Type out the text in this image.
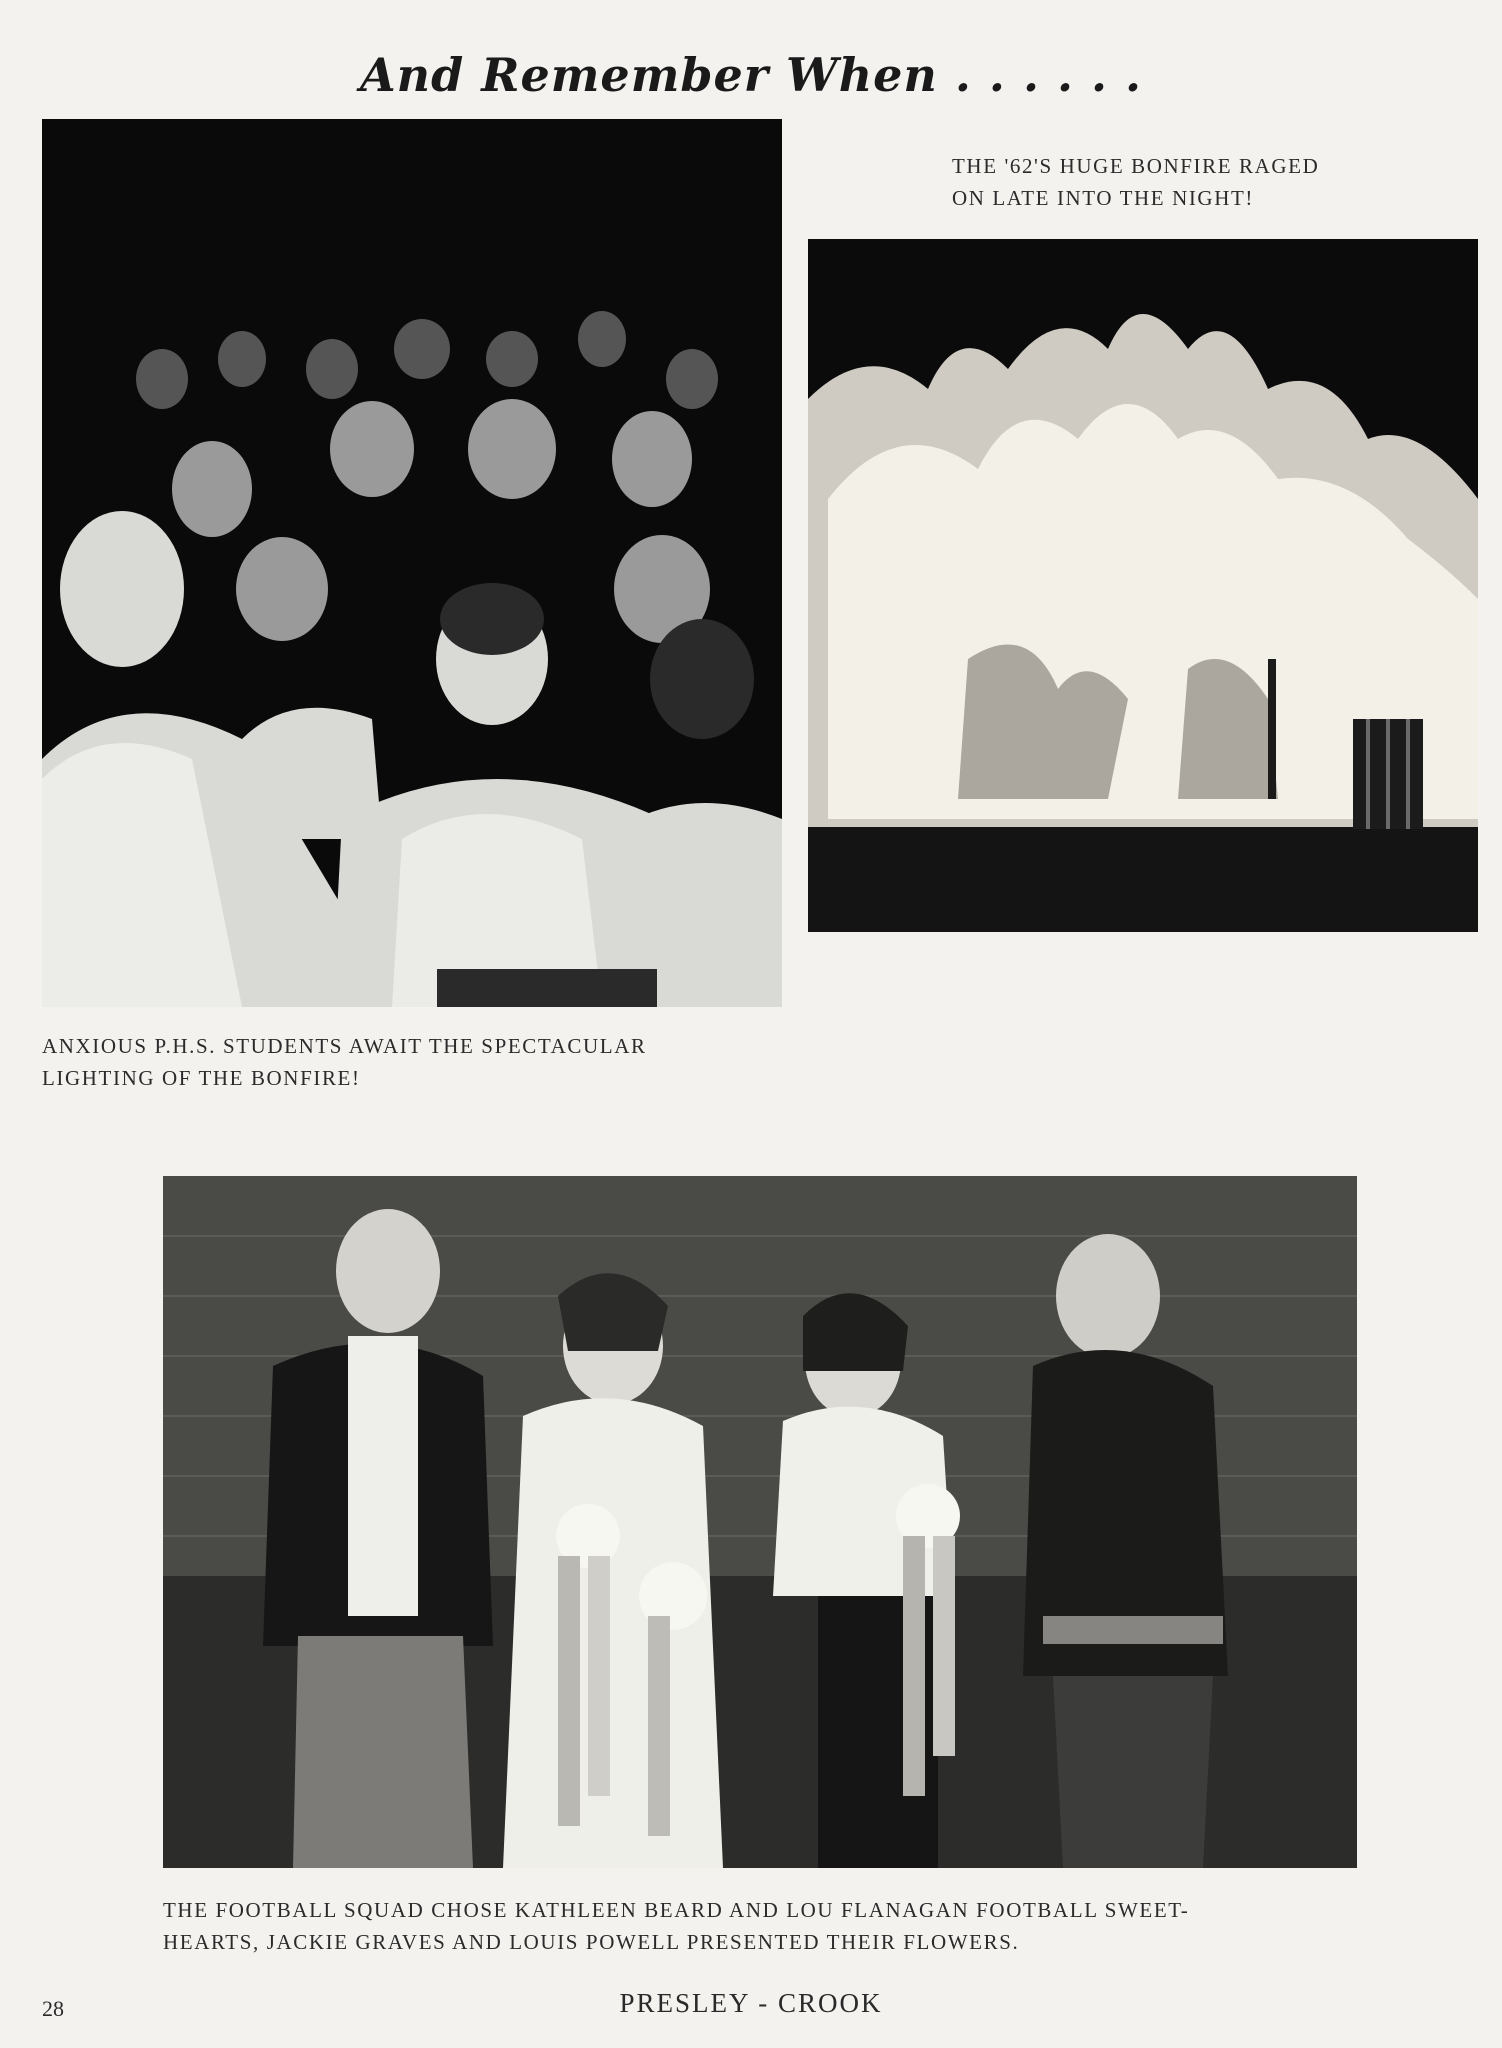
And Remember When . . . . . .
THE '62'S HUGE BONFIRE RAGED
ON LATE INTO THE NIGHT!
ANXIOUS P.H.S. STUDENTS AWAIT THE SPECTACULAR
LIGHTING OF THE BONFIRE!
THE FOOTBALL SQUAD CHOSE KATHLEEN BEARD AND LOU FLANAGAN FOOTBALL SWEET-
HEARTS, JACKIE GRAVES AND LOUIS POWELL PRESENTED THEIR FLOWERS.
28	PRESLEY - CROOK
